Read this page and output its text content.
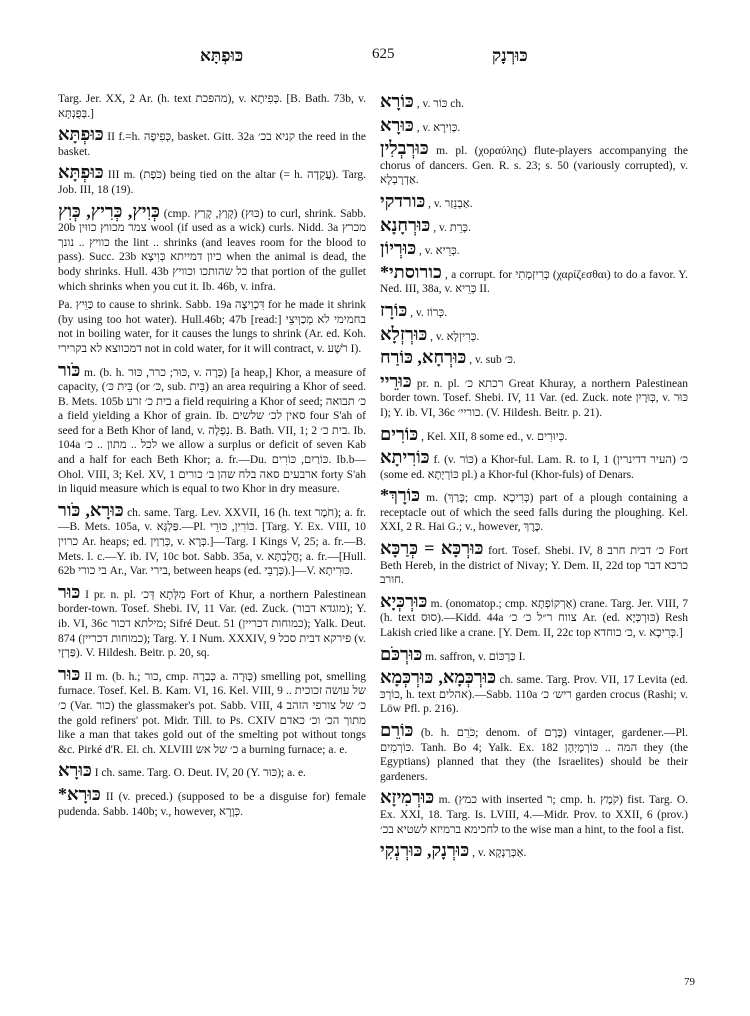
כּוּפְתָּא	625	כּוּרְנָק
Targ. Jer. XX, 2 Ar. (h. text מהפכת), v. כְּפִיתָא. [B. Bath. 73b, v. בְּפֻנְתָּא.]
כּוּפְתָּא II f.=h. כְּפִיפָה, basket. Gitt. 32a קניא בכ׳ the reed in the basket.
כּוּפְתָּא III m. (כֹּפֶת) being tied on the altar (= h. עֲקֵדָה). Targ. Job. III, 18 (19).
כְּוִיץ, כְּרִיץ, כְּוִץ (cmp. קָוַץ, קָרַץ) (כּוּץ) to curl, shrink. Sabb. 20b צמר מכווץ כווּין wool (if used as a wick) curls. Nidd. 3a מכרץ כוויץ .. נונך the lint .. shrinks (and leaves room for the blood to pass). Succ. 23b כיון דמייתא כְּוִיצָא when the animal is dead, the body shrinks. Hull. 43b כל שהותכו וכוויץ that portion of the gullet which shrinks when you cut it. Ib. 46b, v. infra.
Pa. כַּוֵּיץ to cause to shrink. Sabb. 19a דִּכְוִיצָה for he made it shrink (by using too hot water). Hull.46b; 47b [read:] בחמימי לא מְכַוְּיצֵי not in boiling water, for it causes the lungs to shrink (Ar. ed. Koh. דמכווצא לא בקרירי not in cold water, for it will contract, v. רֹשֶׁע I).
כֹּור m. (b. h. כּוּר; כרר, כּוּר, v. כְּרָה) [a heap,] Khor, a measure of capacity, (בֵּית כּ׳ (or כּ׳, sub. בֵּית) an area requiring a Khor of seed. B. Mets. 105b בית כ׳ זרע a field requiring a Khor of seed; כ׳ תבואה a field yielding a Khor of grain. Ib. סאין לכ׳ שלשים four S'ah of seed for a Beth Khor of land, v. נִפְלָה. B. Bath. VII, 1; 2 בית כ׳. Ib. 104a לכל .. מתון .. כ׳ we allow a surplus or deficit of seven Kab and a half for each Beth Khor; a. fr.—Du. כּוֹרַיִם, כּוֹרִים. Ib.b—Ohol. VIII, 3; Kel. XV, 1 ארבעים סאה בלח שהן ב׳ כורים forty S'ah in liquid measure which is equal to two Khor in dry measure.
כּוּרָא, כֹּור ch. same. Targ. Lev. XXVII, 16 (h. text חֹמֶר); a. fr.—B. Mets. 105a, v. פַּלְגָּא.—Pl. כּוֹרִין, כּוּרֵי. [Targ. Y. Ex. VIII, 10 כרוין Ar. heaps; ed. כְּרַוַין, v. כְּרָא.]—Targ. I Kings V, 25; a. fr.—B. Mets. l. c.—Y. ib. IV, 10c bot. Sabb. 35a, v. חֲלַבְתָּא; a. fr.—[Hull. 62b בי כורי Ar., Var. בירי, between heaps (ed. כְּרָבֵי).]—V. כּוּרִיתָא.
כּוּר I pr. n. pl. מִלְּתָא דְּכ׳ Fort of Khur, a northern Palestinean border-town. Tosef. Shebi. IV, 11 Var. (ed. Zuck. (מוגדא דבור); Y. ib. VI, 36c מילתא דכור; Sifré Deut. 51 (כמוחות דכריין); Yalk. Deut. 874 (כמוחות דכריין); Targ. Y. I Num. XXXIV, 9 פירקא דבית סכל (v. פַּרְזָי). V. Hildesh. Beitr. p. 20, sq.
כּוּר II m. (b. h.; כור, cmp. כְּבַרָה a. כְּוּרָה) smelling pot, smelling furnace. Tosef. Kel. B. Kam. VI, 16. Kel. VIII, 9 של עושה זכוכית .. כ׳ (Var. כור) the glassmaker's pot. Sabb. VIII, 4 כ׳ של צורפי הזהב the gold refiners' pot. Midr. Till. to Ps. CXIV מתוך הכ׳ וכ׳ כאדם like a man that takes gold out of the smelting pot without tongs &c. Pirké d'R. El. ch. XLVIII כ׳ של אש a burning furnace; a. e.
כּוּרָא I ch. same. Targ. O. Deut. IV, 20 (Y. כּוּר); a. e.
*כּוּרָא II (v. preced.) (supposed to be a disguise for) female pudenda. Sabb. 140b; v., however, כְּוָרָא.
כּוֹרָא , v. כּוֹר ch.
כּוּרָא , v. כְּוִירָא.
כּוּרְבְלִין m. pl. (χοραύλης) flute-players accompanying the chorus of dancers. Gen. R. s. 23; s. 50 (variously corrupted), v. אַדְרָבְלָא.
כּורדקי , v. אַבְנֵזַר.
כּוּרְחָנָא , v. כָּרֵת.
כּוּרְיוֹן , v. כְּרֵיא.
*כורוסתי , a corrupt. for כְּרִיזְמָתִי (χαρίζεσθαι) to do a favor. Y. Ned. III, 38a, v. כְּרֵיא II.
כּוֹרָז , v. כְּרוֹז.
כּוּרְזְלָא , v. כְּרִיזְלָא.
כּוּרְחָא, כּוֹרַח , v. sub כּ׳.
כּוּרֵיי pr. n. pl. רכתא כ׳ Great Khuray, a northern Palestinean border town. Tosef. Shebi. IV, 11 Var. (ed. Zuck. note כְּוּרָיִן, v. כּוּר I); Y. ib. VI, 36c כוריי׳. (V. Hildesh. Beitr. p. 21).
כּוֹרִים , Kel. XII, 8 some ed., v. כְּיוּרִים.
כּוֹרִיתָא f. (v. כּוֹר) a Khor-ful. Lam. R. to I, 1 (כ׳ (העיר דדינרין (some ed. כּוֹרְיָתָא pl.) a Khor-ful (Khor-fuls) of Denars.
*כּוֹרָךְ m. (כָּרַךְ; cmp. כְּרִיכָא) part of a plough containing a receptacle out of which the seed falls during the ploughing. Kel. XXI, 2 R. Hai G.; v., however, כֶּרֶךְ.
כּוּרְכָּא = כְּרַכָּא fort. Tosef. Shebi. IV, 8 כ׳ דבית חרב Fort Beth Hereb, in the district of Nivay; Y. Dem. II, 22d top כרכא דבר חורב.
כּוּרְכְּיָא m. (onomatop.; cmp. אַרְקוֹפְתָא) crane. Targ. Jer. VIII, 7 (h. text סוּס).—Kidd. 44a צווח ר״ל כ׳ כ׳ Ar. (ed. כּוּרְכְּיָא) Resh Lakish cried like a crane. [Y. Dem. II, 22c top כ׳ כוחדא, v. כְּרִיכָא.]
כּוּרְכֹּם m. saffron, v. כַּרְכּוֹם I.
כּוּרְכְּמָא, כּוּרְכְּמָא ch. same. Targ. Prov. VII, 17 Levita (ed. כוֹרְכּ, h. text אהלים).—Sabb. 110a ריש׳ כ׳ garden crocus (Rashi; v. Löw Pfl. p. 216).
כּוֹרֵם (b. h. כֹּרֵם; denom. of כֶּרֶם) vintager, gardener.—Pl. כּוֹרְמִים. Tanh. Bo 4; Yalk. Ex. 182 המה .. כּוֹרְמָיְהָן they (the Egyptians) planned that they (the Israelites) should be their gardeners.
כּוּרְמִיזָא m. (כמץ with inserted ר; cmp. h. קֹמֶץ) fist. Targ. O. Ex. XXI, 18. Targ. Is. LVIII, 4.—Midr. Prov. to XXII, 6 (prov.) לחכימא ברמיזא לשטיא בכ׳ to the wise man a hint, to the fool a fist.
כּוּרְנָק, כּוּרְנְקִי , v. אַכְּרַנְקָא.
79
